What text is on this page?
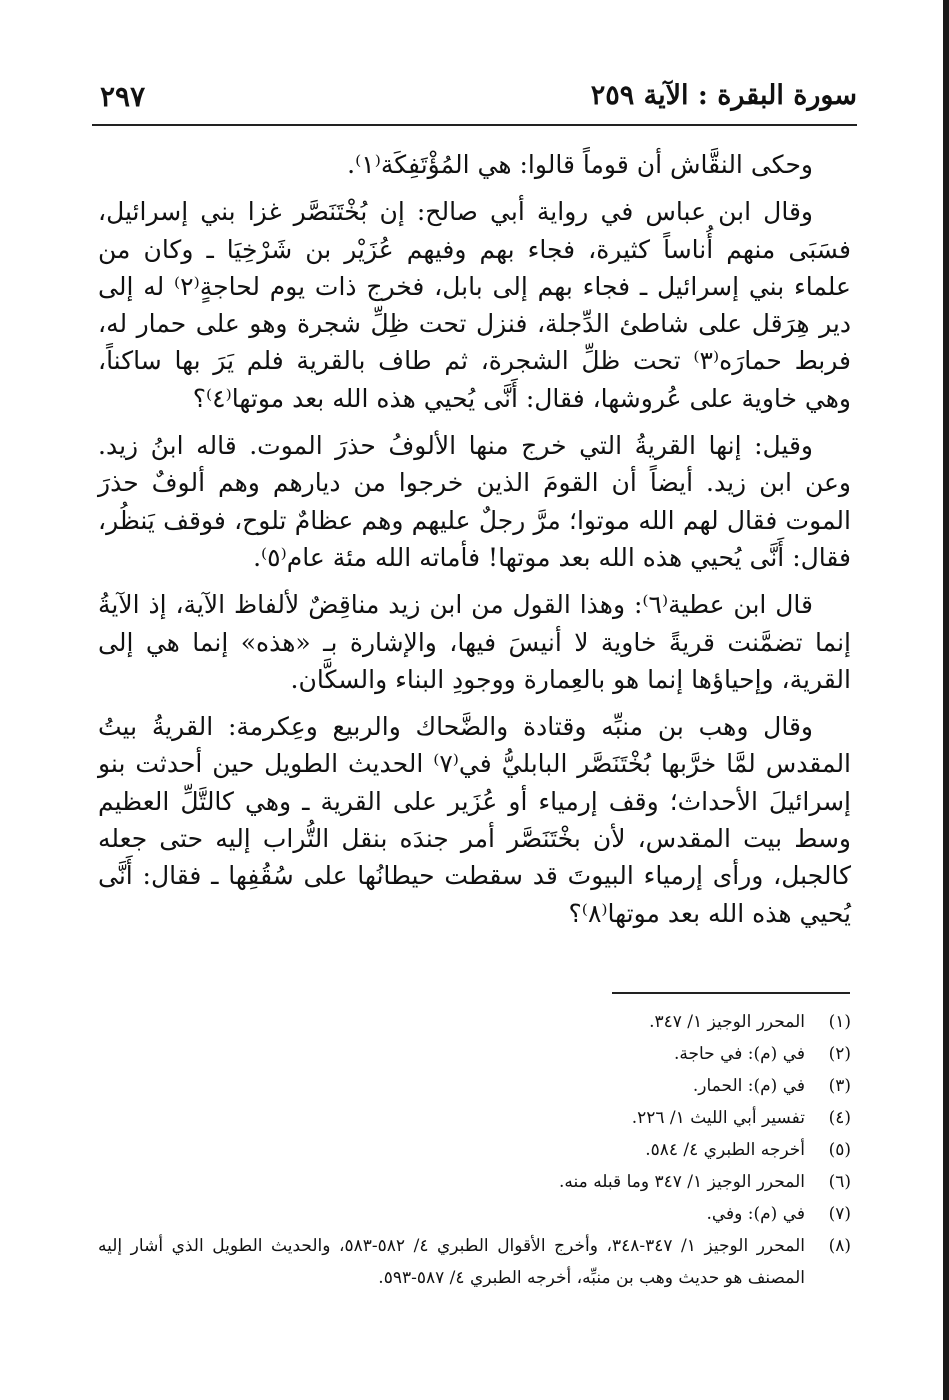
٢٩٧	سورة البقرة : الآية ٢٥٩

وحكى النقَّاش أن قوماً قالوا: هي المُؤْتَفِكَة⁽١⁾.

وقال ابن عباس في رواية أبي صالح: إن بُخْتَنَصَّر غزا بني إسرائيل، فسَبَى منهم أُناساً كثيرة، فجاء بهم وفيهم عُزَيْر بن شَرْخِيَا ـ وكان من علماء بني إسرائيل ـ فجاء بهم إلى بابل، فخرج ذات يوم لحاجةٍ⁽٢⁾ له إلى دير هِرَقل على شاطئ الدِّجلة، فنزل تحت ظِلِّ شجرة وهو على حمار له، فربط حمارَه⁽٣⁾ تحت ظلِّ الشجرة، ثم طاف بالقرية فلم يَرَ بها ساكناً، وهي خاوية على عُروشها، فقال: أَنَّى يُحيي هذه الله بعد موتها⁽٤⁾؟

وقيل: إنها القريةُ التي خرج منها الألوفُ حذرَ الموت. قاله ابنُ زيد. وعن ابن زيد. أيضاً أن القومَ الذين خرجوا من ديارهم وهم ألوفٌ حذرَ الموت فقال لهم الله موتوا؛ مرَّ رجلٌ عليهم وهم عظامٌ تلوح، فوقف يَنظُر، فقال: أَنَّى يُحيي هذه الله بعد موتها! فأماته الله مئة عام⁽٥⁾.

قال ابن عطية⁽٦⁾: وهذا القول من ابن زيد مناقِضٌ لألفاظ الآية، إذ الآيةُ إنما تضمَّنت قريةً خاوية لا أنيسَ فيها، والإشارة بـ «هذه» إنما هي إلى القرية، وإحياؤها إنما هو بالعِمارة ووجودِ البناء والسكَّان.

وقال وهب بن منبِّه وقتادة والضَّحاك والربيع وعِكرمة: القريةُ بيتُ المقدس لمَّا خرَّبها بُخْتَنَصَّر البابليُّ في⁽٧⁾ الحديث الطويل حين أحدثت بنو إسرائيلَ الأحداث؛ وقف إرمياء أو عُزَير على القرية ـ وهي كالتَّلِّ العظيم وسط بيت المقدس، لأن بخْتَنَصَّر أمر جندَه بنقل التُّراب إليه حتى جعله كالجبل، ورأى إرمياء البيوتَ قد سقطت حيطانُها على سُقُفِها ـ فقال: أَنَّى يُحيي هذه الله بعد موتها⁽٨⁾؟

(١)
المحرر الوجيز ١/ ٣٤٧.
(٢)
في (م): في حاجة.
(٣)
في (م): الحمار.
(٤)
تفسير أبي الليث ١/ ٢٢٦.
(٥)
أخرجه الطبري ٤/ ٥٨٤.
(٦)
المحرر الوجيز ١/ ٣٤٧ وما قبله منه.
(٧)
في (م): وفي.
(٨)
المحرر الوجيز ١/ ٣٤٧-٣٤٨، وأخرج الأقوال الطبري ٤/ ٥٨٢-٥٨٣، والحديث الطويل الذي أشار إليه المصنف هو حديث وهب بن منبِّه، أخرجه الطبري ٤/ ٥٨٧-٥٩٣.
